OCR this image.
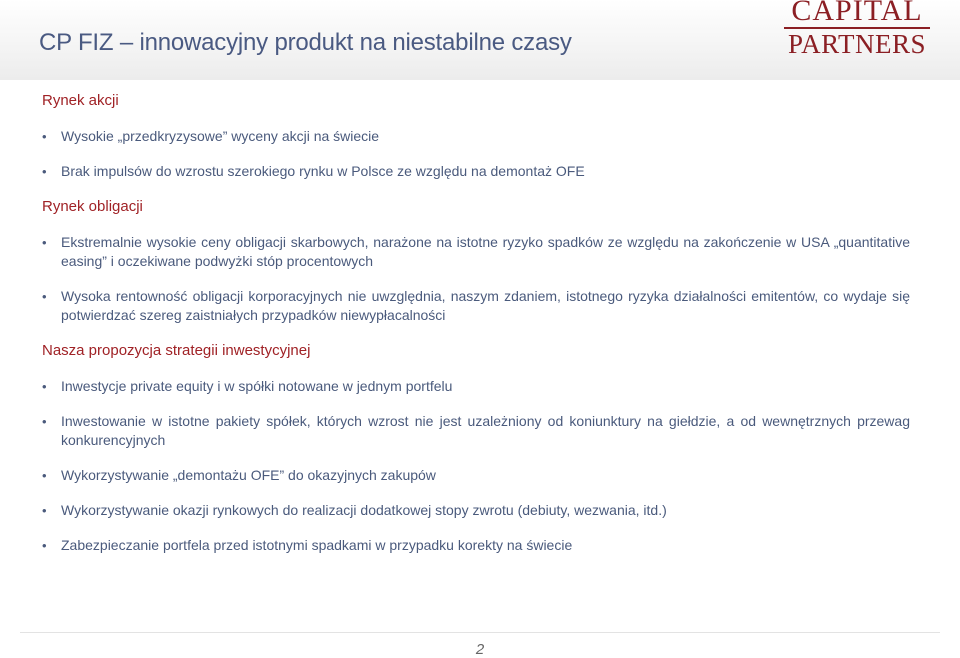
CP FIZ – innowacyjny produkt na niestabilne czasy
CAPITAL
PARTNERS
Rynek akcji
• Wysokie „przedkryzysowe” wyceny akcji na świecie
• Brak impulsów do wzrostu szerokiego rynku w Polsce ze względu na demontaż OFE
Rynek obligacji
• Ekstremalnie wysokie ceny obligacji skarbowych, narażone na istotne ryzyko spadków ze względu na zakończenie w USA „quantitative easing” i oczekiwane podwyżki stóp procentowych
• Wysoka rentowność obligacji korporacyjnych nie uwzględnia, naszym zdaniem, istotnego ryzyka działalności emitentów, co wydaje się potwierdzać szereg zaistniałych przypadków niewypłacalności
Nasza propozycja strategii inwestycyjnej
• Inwestycje private equity i w spółki notowane w jednym portfelu
• Inwestowanie w istotne pakiety spółek, których wzrost nie jest uzależniony od koniunktury na giełdzie, a od wewnętrznych przewag konkurencyjnych
• Wykorzystywanie „demontażu OFE” do okazyjnych zakupów
• Wykorzystywanie okazji rynkowych do realizacji dodatkowej stopy zwrotu (debiuty, wezwania, itd.)
• Zabezpieczanie portfela przed istotnymi spadkami w przypadku korekty na świecie
2
